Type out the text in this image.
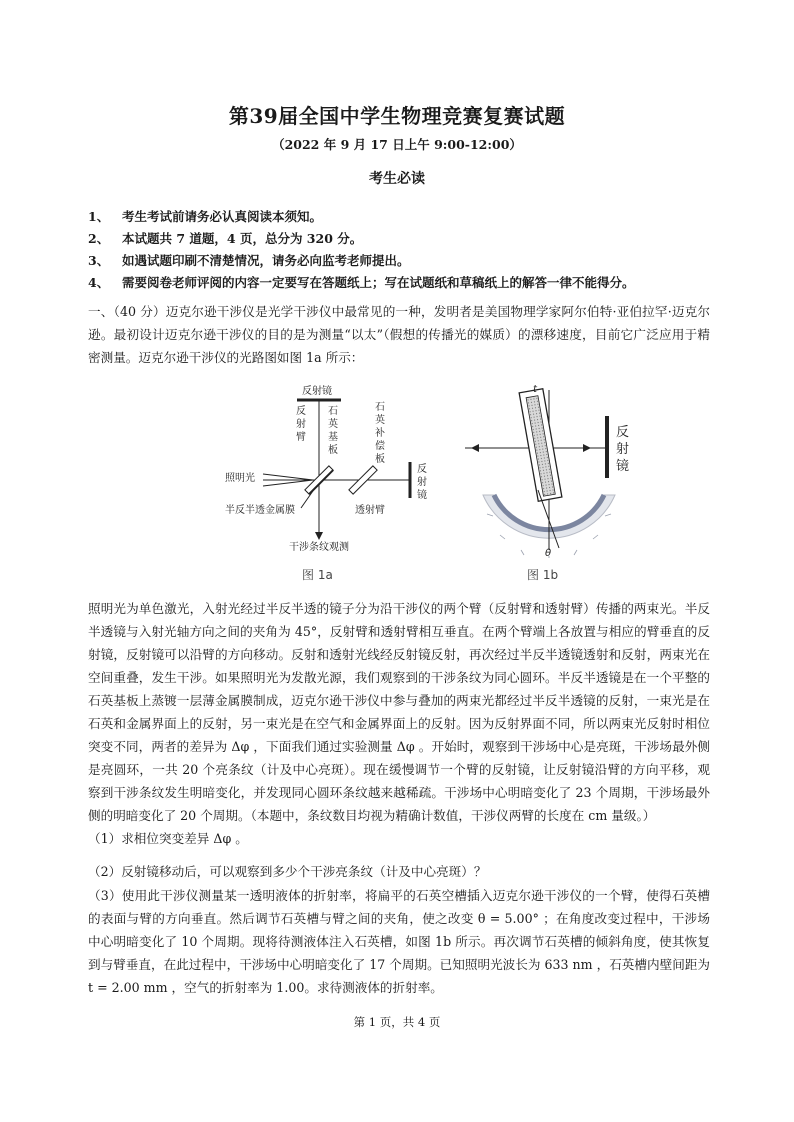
第39届全国中学生物理竞赛复赛试题
（2022 年 9 月 17 日上午 9:00-12:00）
考生必读
1、 考生考试前请务必认真阅读本须知。
2、 本试题共 7 道题，4 页，总分为 320 分。
3、 如遇试题印刷不清楚情况，请务必向监考老师提出。
4、 需要阅卷老师评阅的内容一定要写在答题纸上；写在试题纸和草稿纸上的解答一律不能得分。

一、（40 分）迈克尔逊干涉仪是光学干涉仪中最常见的一种，发明者是美国物理学家阿尔伯特·亚伯拉罕·迈克尔逊。最初设计迈克尔逊干涉仪的目的是为测量“以太”（假想的传播光的媒质）的漂移速度，目前它广泛应用于精密测量。迈克尔逊干涉仪的光路图如图 1a 所示：

反射镜
反
射
臂
石
英
基
板
石
英
补
偿
板
照明光
反
射
镜
半反半透金属膜	透射臂
干涉条纹观测
图 1a
t
反
射
镜
θ
图 1b

照明光为单色激光，入射光经过半反半透的镜子分为沿干涉仪的两个臂（反射臂和透射臂）传播的两束光。半反半透镜与入射光轴方向之间的夹角为 45°，反射臂和透射臂相互垂直。在两个臂端上各放置与相应的臂垂直的反射镜，反射镜可以沿臂的方向移动。反射和透射光线经反射镜反射，再次经过半反半透镜透射和反射，两束光在空间重叠，发生干涉。如果照明光为发散光源，我们观察到的干涉条纹为同心圆环。半反半透镜是在一个平整的石英基板上蒸镀一层薄金属膜制成，迈克尔逊干涉仪中参与叠加的两束光都经过半反半透镜的反射，一束光是在石英和金属界面上的反射，另一束光是在空气和金属界面上的反射。因为反射界面不同，所以两束光反射时相位突变不同，两者的差异为 Δφ ，下面我们通过实验测量 Δφ 。开始时，观察到干涉场中心是亮斑，干涉场最外侧是亮圆环，一共 20 个亮条纹（计及中心亮斑）。现在缓慢调节一个臂的反射镜，让反射镜沿臂的方向平移，观察到干涉条纹发生明暗变化，并发现同心圆环条纹越来越稀疏。干涉场中心明暗变化了 23 个周期，干涉场最外侧的明暗变化了 20 个周期。（本题中，条纹数目均视为精确计数值，干涉仪两臂的长度在 cm 量级。）

（1）求相位突变差异 Δφ 。

（2）反射镜移动后，可以观察到多少个干涉亮条纹（计及中心亮斑）？

（3）使用此干涉仪测量某一透明液体的折射率，将扁平的石英空槽插入迈克尔逊干涉仪的一个臂，使得石英槽的表面与臂的方向垂直。然后调节石英槽与臂之间的夹角，使之改变 θ = 5.00° ；在角度改变过程中，干涉场中心明暗变化了 10 个周期。现将待测液体注入石英槽，如图 1b 所示。再次调节石英槽的倾斜角度，使其恢复到与臂垂直，在此过程中，干涉场中心明暗变化了 17 个周期。已知照明光波长为 633 nm ，石英槽内壁间距为 t = 2.00 mm ，空气的折射率为 1.00。求待测液体的折射率。

第 1 页，共 4 页
